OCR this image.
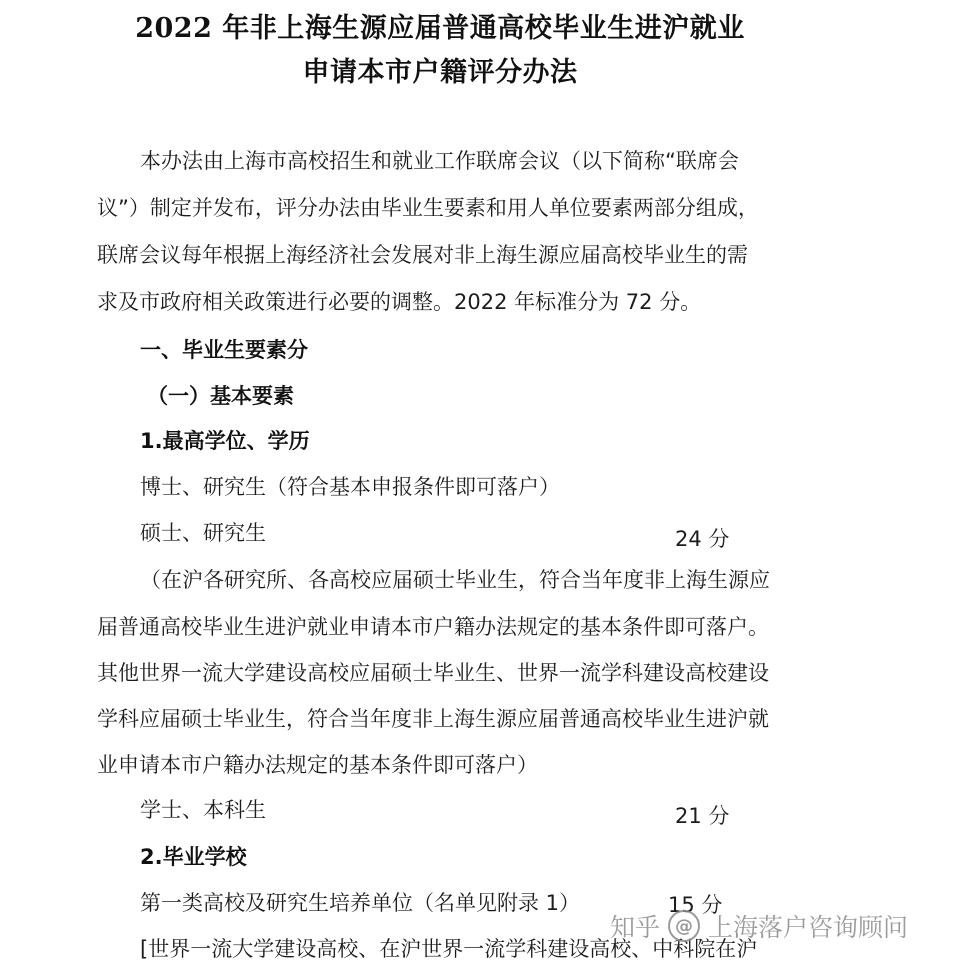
2022 年非上海生源应届普通高校毕业生进沪就业
申请本市户籍评分办法
本办法由上海市高校招生和就业工作联席会议（以下简称“联席会
议”）制定并发布，评分办法由毕业生要素和用人单位要素两部分组成，
联席会议每年根据上海经济社会发展对非上海生源应届高校毕业生的需
求及市政府相关政策进行必要的调整。2022 年标准分为 72 分。
一、毕业生要素分
（一）基本要素
1.最高学位、学历
博士、研究生（符合基本申报条件即可落户）
硕士、研究生	24 分
（在沪各研究所、各高校应届硕士毕业生，符合当年度非上海生源应
届普通高校毕业生进沪就业申请本市户籍办法规定的基本条件即可落户。
其他世界一流大学建设高校应届硕士毕业生、世界一流学科建设高校建设
学科应届硕士毕业生，符合当年度非上海生源应届普通高校毕业生进沪就
业申请本市户籍办法规定的基本条件即可落户）
学士、本科生	21 分
2.毕业学校
第一类高校及研究生培养单位（名单见附录 1）	15 分
[世界一流大学建设高校、在沪世界一流学科建设高校、中科院在沪
知乎 @ 上海落户咨询顾问
